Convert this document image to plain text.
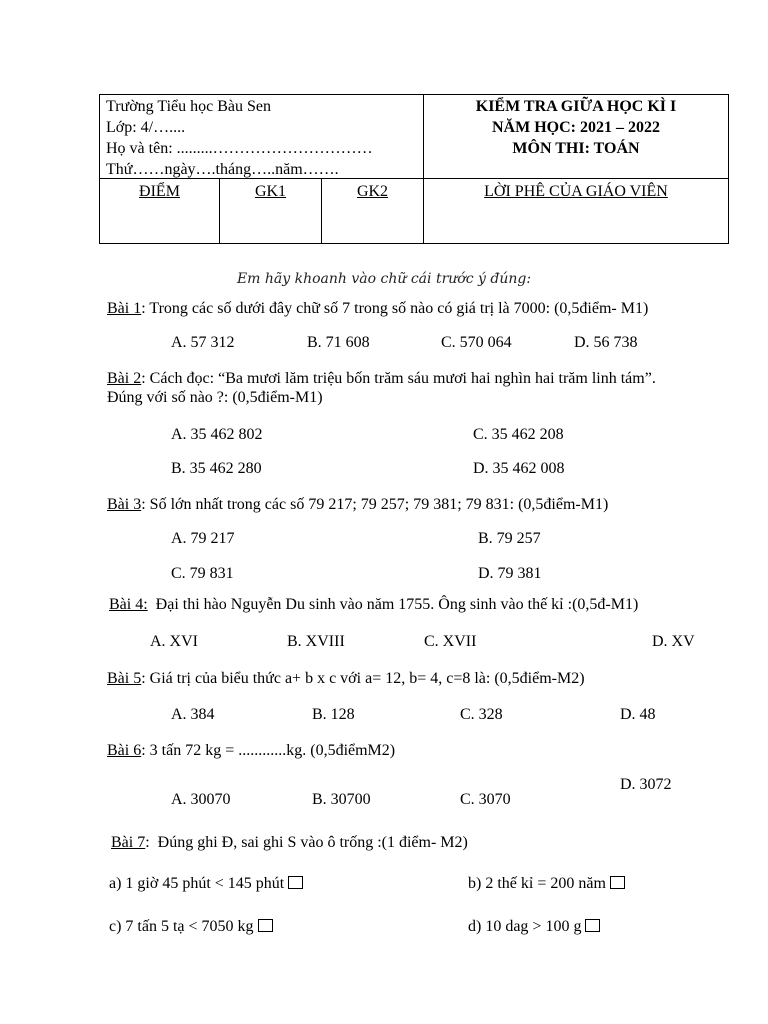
Trường Tiểu học Bàu Sen
Lớp: 4/…....
Họ và tên: .........…………………………
Thứ……ngày….tháng…..năm…….
KIỂM TRA GIỮA HỌC KÌ I
NĂM HỌC: 2021 – 2022
MÔN THI: TOÁN
ĐIỂM	GK1	GK2	LỜI PHÊ CỦA GIÁO VIÊN
Em hãy khoanh vào chữ cái trước ý đúng:
Bài 1: Trong các số dưới đây chữ số 7 trong số nào có giá trị là 7000: (0,5điểm- M1)
A. 57 312	B. 71 608	C. 570 064	D. 56 738
Bài 2: Cách đọc: “Ba mươi lăm triệu bốn trăm sáu mươi hai nghìn hai trăm linh tám”.
Đúng với số nào ?: (0,5điểm-M1)
A. 35 462 802	C. 35 462 208
B. 35 462 280	D. 35 462 008
Bài 3: Số lớn nhất trong các số 79 217; 79 257; 79 381; 79 831: (0,5điểm-M1)
A. 79 217	B. 79 257
C. 79 831	D. 79 381
Bài 4:  Đại thi hào Nguyễn Du sinh vào năm 1755. Ông sinh vào thế kỉ :(0,5đ-M1)
A. XVI	B. XVIII	C. XVII	D. XV
Bài 5: Giá trị của biểu thức a+ b x c với a= 12, b= 4, c=8 là: (0,5điểm-M2)
A. 384	B. 128	C. 328	D. 48
Bài 6: 3 tấn 72 kg = ............kg. (0,5điểmM2)
D. 3072
A. 30070	B. 30700	C. 3070
Bài 7:  Đúng ghi Đ, sai ghi S vào ô trống :(1 điểm- M2)
a) 1 giờ 45 phút < 145 phút	b) 2 thế kỉ = 200 năm
c) 7 tấn 5 tạ < 7050 kg	d) 10 dag > 100 g
